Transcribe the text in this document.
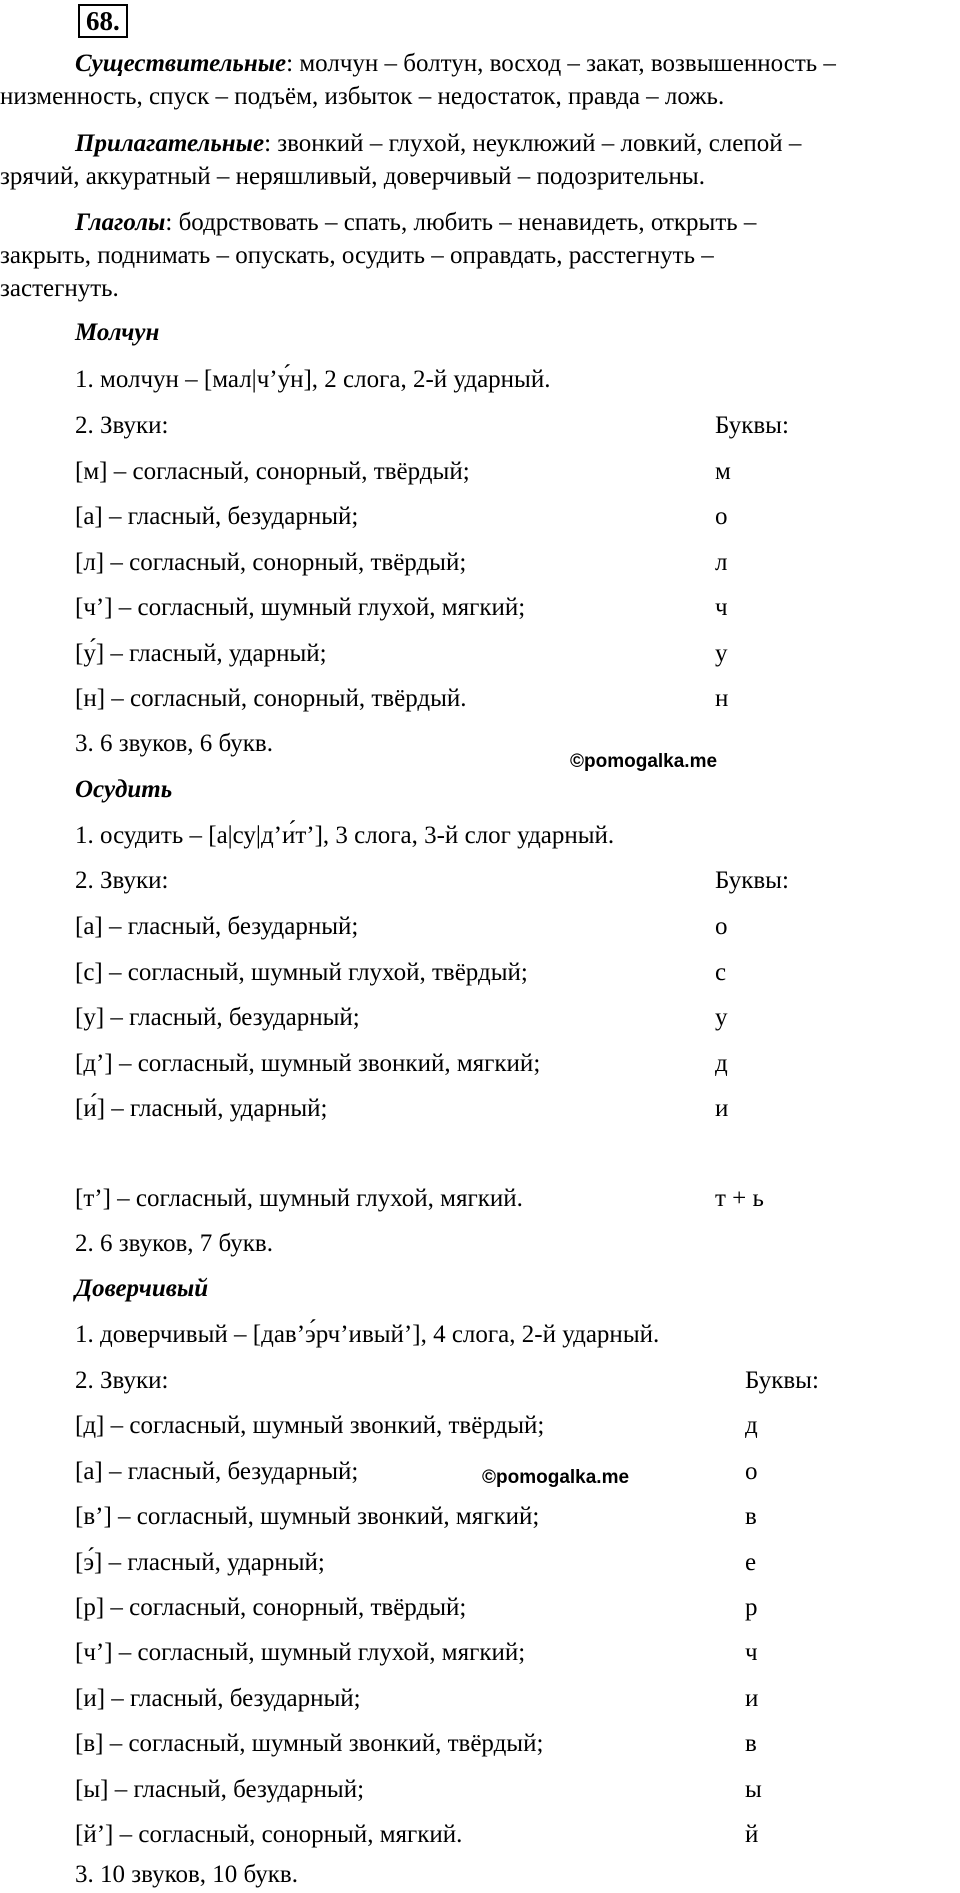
68.
Существительные: молчун – болтун, восход – закат, возвышенность –
низменность, спуск – подъём, избыток – недостаток, правда – ложь.
Прилагательные: звонкий – глухой, неуклюжий – ловкий, слепой –
зрячий, аккуратный – неряшливый, доверчивый – подозрительны.
Глаголы: бодрствовать – спать, любить – ненавидеть, открыть –
закрыть, поднимать – опускать, осудить – оправдать, расстегнуть –
застегнуть.
Молчун
1. молчун – [мал|ч’у́н], 2 слога, 2-й ударный.
2. Звуки:	Буквы:
[м] – согласный, сонорный, твёрдый;	м
[а] – гласный, безударный;	о
[л] – согласный, сонорный, твёрдый;	л
[ч’] – согласный, шумный глухой, мягкий;	ч
[у́] – гласный, ударный;	у
[н] – согласный, сонорный, твёрдый.	н
3. 6 звуков, 6 букв.
©pomogalka.me
Осудить
1. осудить – [а|су|д’и́т’], 3 слога, 3-й слог ударный.
2. Звуки:	Буквы:
[а] – гласный, безударный;	о
[с] – согласный, шумный глухой, твёрдый;	с
[у] – гласный, безударный;	у
[д’] – согласный, шумный звонкий, мягкий;	д
[и́] – гласный, ударный;	и
[т’] – согласный, шумный глухой, мягкий.	т + ь
2. 6 звуков, 7 букв.
Доверчивый
1. доверчивый – [дав’э́рч’ивый’], 4 слога, 2-й ударный.
2. Звуки:	Буквы:
[д] – согласный, шумный звонкий, твёрдый;	д
[а] – гласный, безударный;	о
©pomogalka.me
[в’] – согласный, шумный звонкий, мягкий;	в
[э́] – гласный, ударный;	е
[р] – согласный, сонорный, твёрдый;	р
[ч’] – согласный, шумный глухой, мягкий;	ч
[и] – гласный, безударный;	и
[в] – согласный, шумный звонкий, твёрдый;	в
[ы] – гласный, безударный;	ы
[й’] – согласный, сонорный, мягкий.	й
3. 10 звуков, 10 букв.
